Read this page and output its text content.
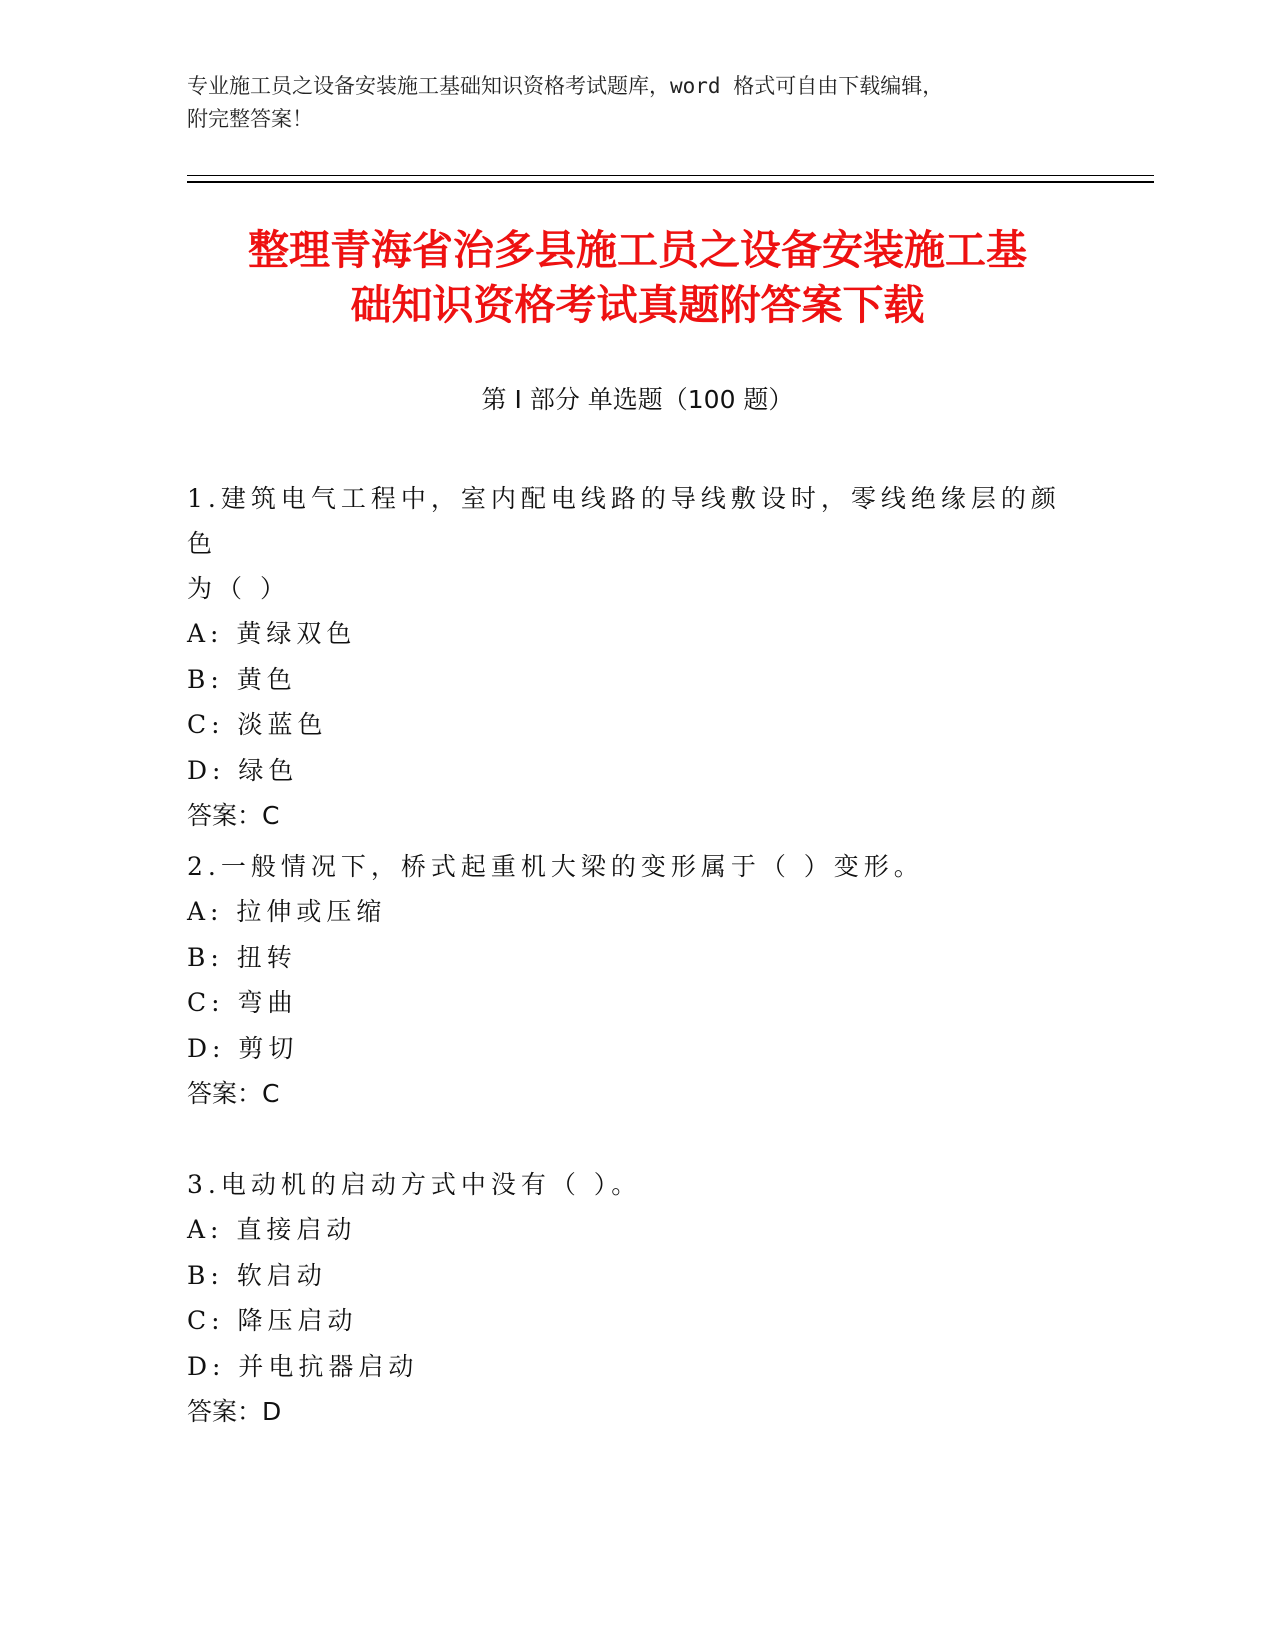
专业施工员之设备安装施工基础知识资格考试题库，word 格式可自由下载编辑，
附完整答案！
整理青海省治多县施工员之设备安装施工基
础知识资格考试真题附答案下载
第 I 部分 单选题（100 题）

1.建筑电气工程中，室内配电线路的导线敷设时，零线绝缘层的颜色

为（ ）

A: 黄绿双色

B: 黄色

C: 淡蓝色

D: 绿色

答案：C

2.一般情况下，桥式起重机大梁的变形属于（ ）变形。

A: 拉伸或压缩

B: 扭转

C: 弯曲

D: 剪切

答案：C

3.电动机的启动方式中没有（ ）。

A: 直接启动

B: 软启动

C: 降压启动

D: 并电抗器启动

答案：D
